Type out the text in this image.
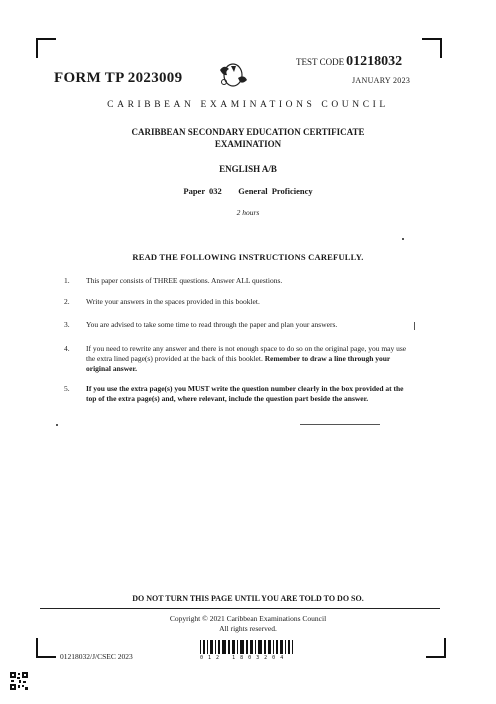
FORM TP 2023009
TEST CODE 01218032
JANUARY 2023
CARIBBEAN EXAMINATIONS COUNCIL
CARIBBEAN SECONDARY EDUCATION CERTIFICATE
EXAMINATION
ENGLISH A/B
Paper 032    General Proficiency
2 hours
READ THE FOLLOWING INSTRUCTIONS CAREFULLY.
1. This paper consists of THREE questions. Answer ALL questions.
2. Write your answers in the spaces provided in this booklet.
3. You are advised to take some time to read through the paper and plan your answers.
4. If you need to rewrite any answer and there is not enough space to do so on the original page, you may use the extra lined page(s) provided at the back of this booklet. Remember to draw a line through your original answer.
5. If you use the extra page(s) you MUST write the question number clearly in the box provided at the top of the extra page(s) and, where relevant, include the question part beside the answer.
DO NOT TURN THIS PAGE UNTIL YOU ARE TOLD TO DO SO.
Copyright © 2021 Caribbean Examinations Council
All rights reserved.
01218032/J/CSEC 2023	0 1 2   1 8 0 3 2 0 4
